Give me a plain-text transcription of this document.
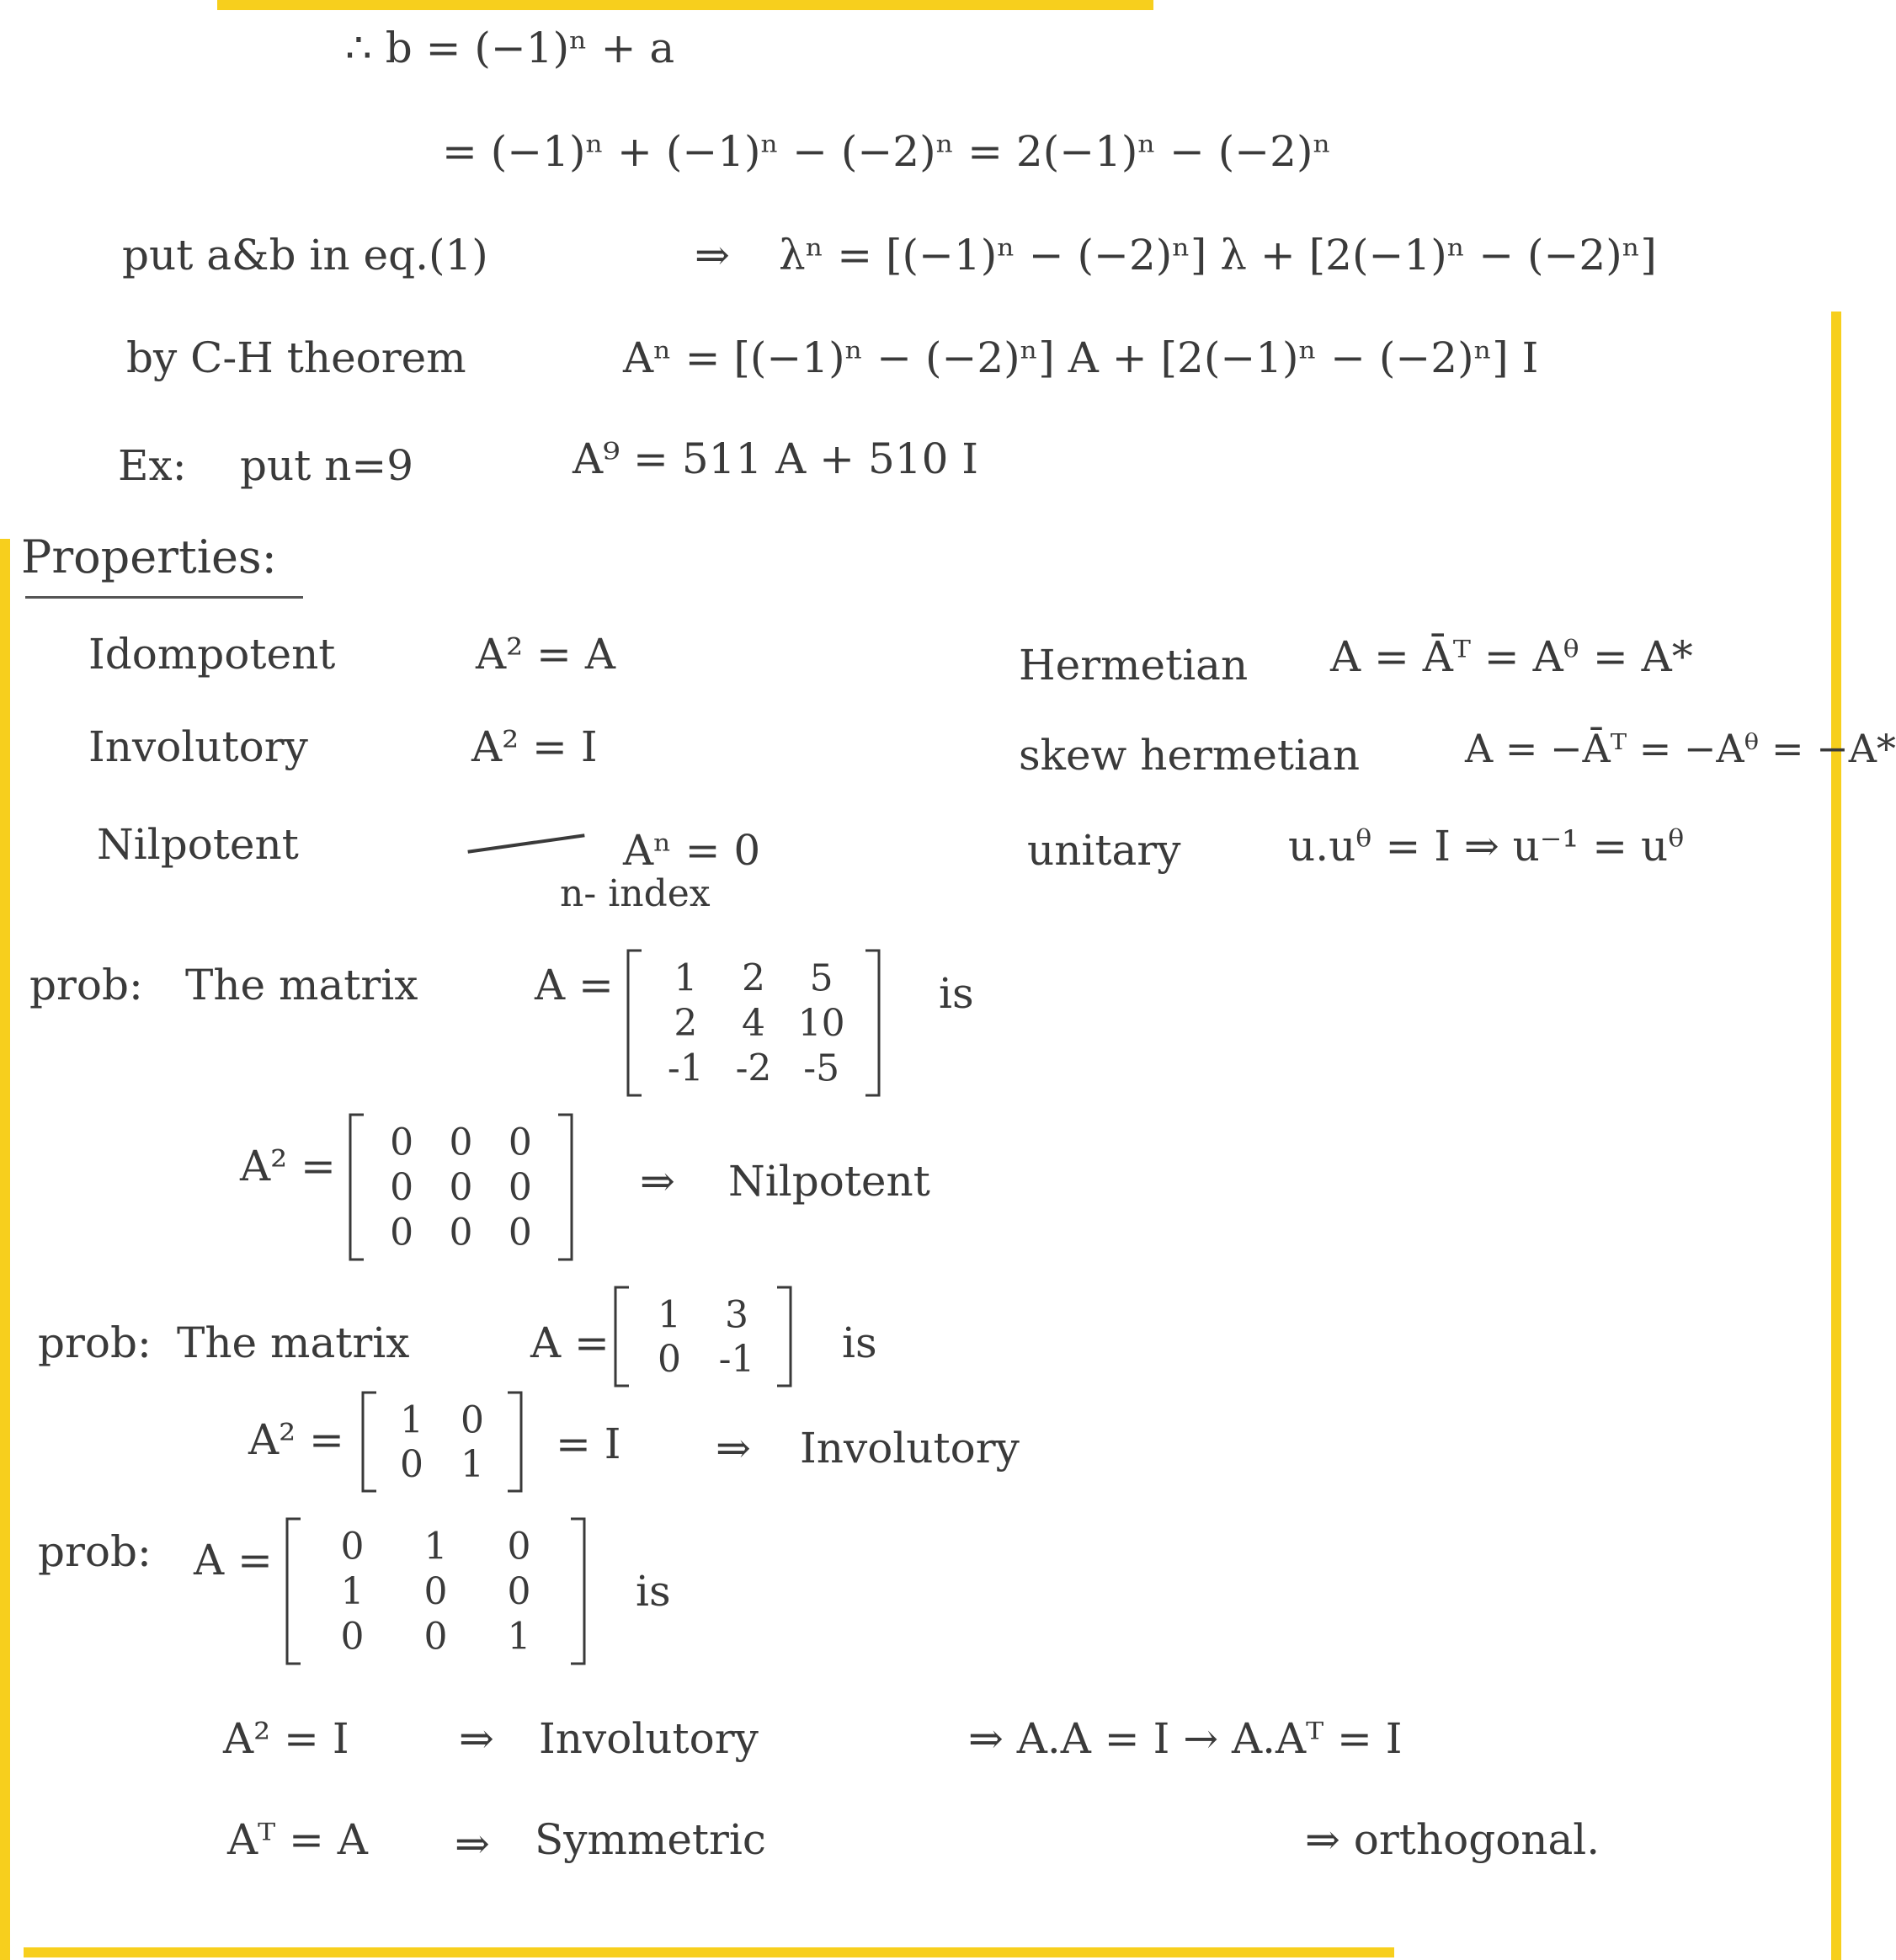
∴ b = (−1)ⁿ + a
= (−1)ⁿ + (−1)ⁿ − (−2)ⁿ = 2(−1)ⁿ − (−2)ⁿ
put a&b in eq.(1)	⇒ λⁿ = [(−1)ⁿ − (−2)ⁿ] λ + [2(−1)ⁿ − (−2)ⁿ]
by C-H theorem	Aⁿ = [(−1)ⁿ − (−2)ⁿ] A + [2(−1)ⁿ − (−2)ⁿ] I
Ex: put n=9	A⁹ = 511 A + 510 I
Properties:
Idompotent	A² = A
Involutory	A² = I
Nilpotent	Aⁿ = 0
n- index
Hermetian A = Āᵀ = Aᶿ = A*
skew hermetian	A = −Āᵀ = −Aᶿ = −A*
unitary	u.uᶿ = I ⇒ u⁻¹ = uᶿ
prob: The matrix	A = 1 2 5
2 4 10
-1 -2 -5
is
A² = 0 0 0
0 0 0
0 0 0
⇒ Nilpotent
prob: The matrix	A =
1 3
0 -1 is
A² = 1 0
0 1 = I ⇒ Involutory
prob: A = 0 1 0
1 0 0
0 0 1
is
A² = I	⇒ Involutory	⇒ A.A = I → A.Aᵀ = I
Aᵀ = A ⇒ Symmetric	⇒ orthogonal.
